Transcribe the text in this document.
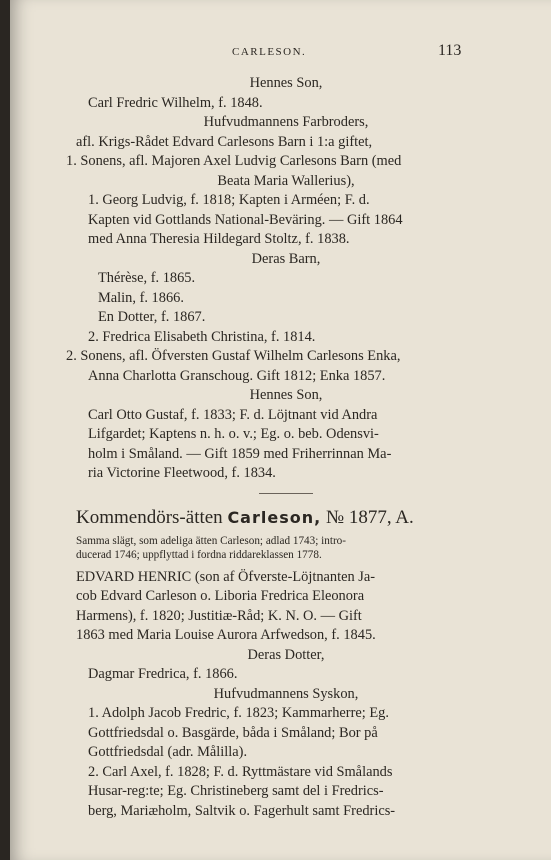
CARLESON.	113
Hennes Son,
Carl Fredric Wilhelm, f. 1848.
Hufvudmannens Farbroders,
afl. Krigs-Rådet Edvard Carlesons Barn i 1:a giftet,
1. Sonens, afl. Majoren Axel Ludvig Carlesons Barn (med
Beata Maria Wallerius),
1. Georg Ludvig, f. 1818; Kapten i Arméen; F. d.
Kapten vid Gottlands National-Beväring. — Gift 1864
med Anna Theresia Hildegard Stoltz, f. 1838.
Deras Barn,
Thérèse, f. 1865.
Malin, f. 1866.
En Dotter, f. 1867.
2. Fredrica Elisabeth Christina, f. 1814.
2. Sonens, afl. Öfversten Gustaf Wilhelm Carlesons Enka,
Anna Charlotta Granschoug. Gift 1812; Enka 1857.
Hennes Son,
Carl Otto Gustaf, f. 1833; F. d. Löjtnant vid Andra
Lifgardet; Kaptens n. h. o. v.; Eg. o. beb. Odensvi-
holm i Småland. — Gift 1859 med Friherrinnan Ma-
ria Victorine Fleetwood, f. 1834.
Kommendörs-ätten Carleson, № 1877, A.
Samma slägt, som adeliga ätten Carleson; adlad 1743; intro-
ducerad 1746; uppflyttad i fordna riddareklassen 1778.
EDVARD HENRIC (son af Öfverste-Löjtnanten Ja-
cob Edvard Carleson o. Liboria Fredrica Eleonora
Harmens), f. 1820; Justitiæ-Råd; K. N. O. — Gift
1863 med Maria Louise Aurora Arfwedson, f. 1845.
Deras Dotter,
Dagmar Fredrica, f. 1866.
Hufvudmannens Syskon,
1. Adolph Jacob Fredric, f. 1823; Kammarherre; Eg.
Gottfriedsdal o. Basgärde, båda i Småland; Bor på
Gottfriedsdal (adr. Målilla).
2. Carl Axel, f. 1828; F. d. Ryttmästare vid Smålands
Husar-reg:te; Eg. Christineberg samt del i Fredrics-
berg, Mariæholm, Saltvik o. Fagerhult samt Fredrics-
